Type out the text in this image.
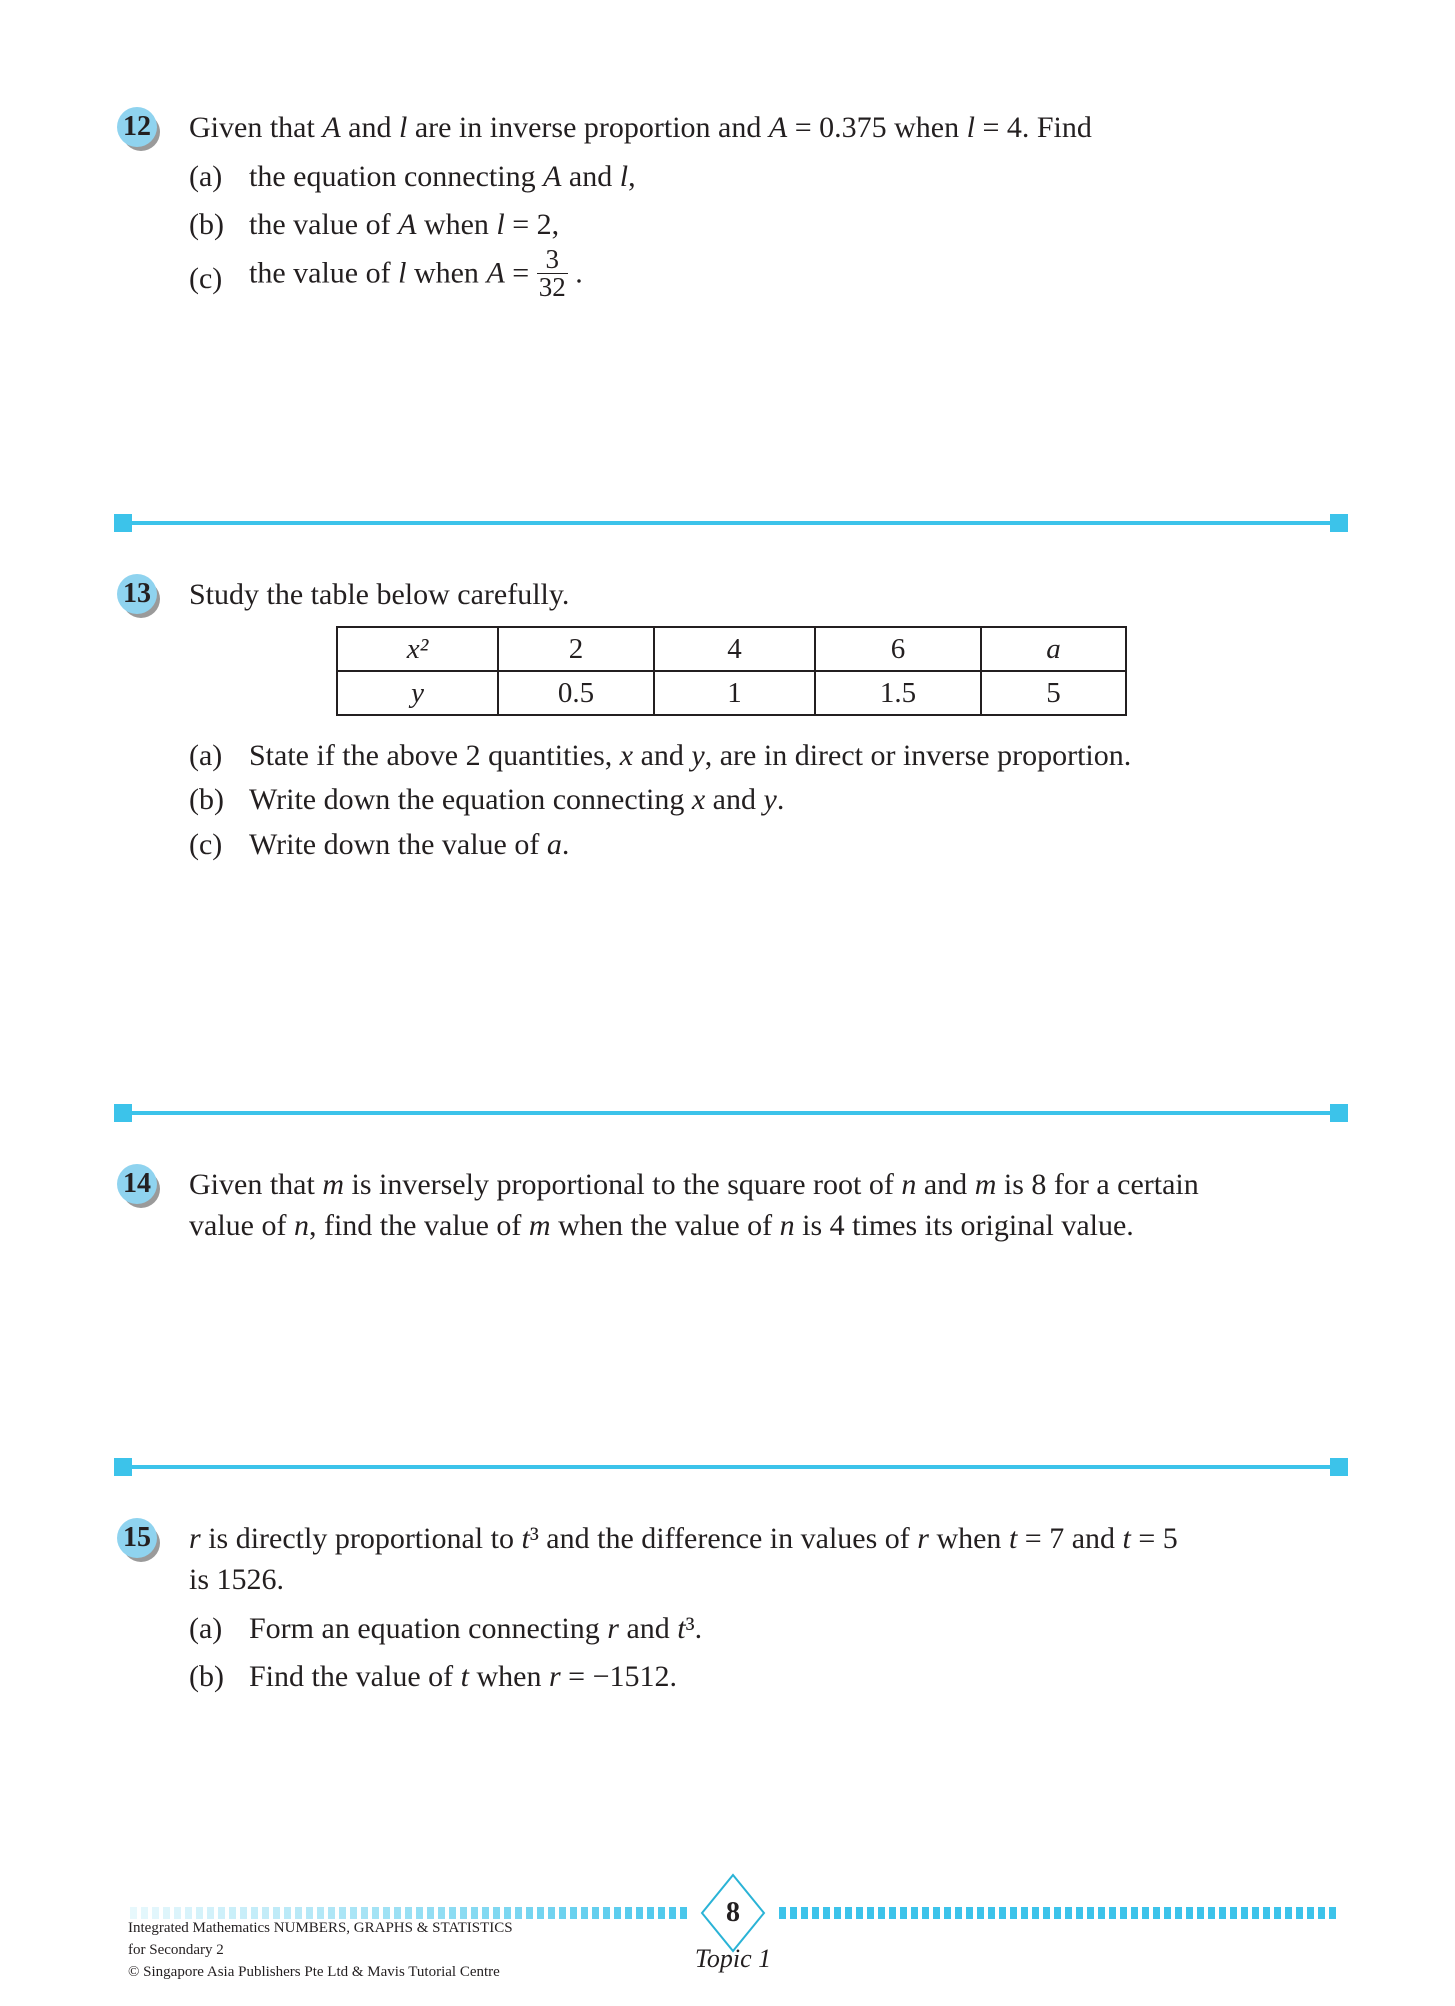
12 Given that A and l are in inverse proportion and A = 0.375 when l = 4. Find
(a) the equation connecting A and l,
(b) the value of A when l = 2,
(c) the value of l when $A = \frac{3}{32}$ .
13 Study the table below carefully.
x²	2	4	6	a
y	0.5	1	1.5	5
(a) State if the above 2 quantities, x and y, are in direct or inverse proportion.
(b) Write down the equation connecting x and y.
(c) Write down the value of a.
14 Given that m is inversely proportional to the square root of n and m is 8 for a certain
value of n, find the value of m when the value of n is 4 times its original value.
15 r is directly proportional to t³ and the difference in values of r when t = 7 and t = 5
is 1526.
(a) Form an equation connecting r and t³.
(b) Find the value of t when r = −1512.
8
Topic 1
Integrated Mathematics NUMBERS, GRAPHS & STATISTICS
for Secondary 2
© Singapore Asia Publishers Pte Ltd & Mavis Tutorial Centre
